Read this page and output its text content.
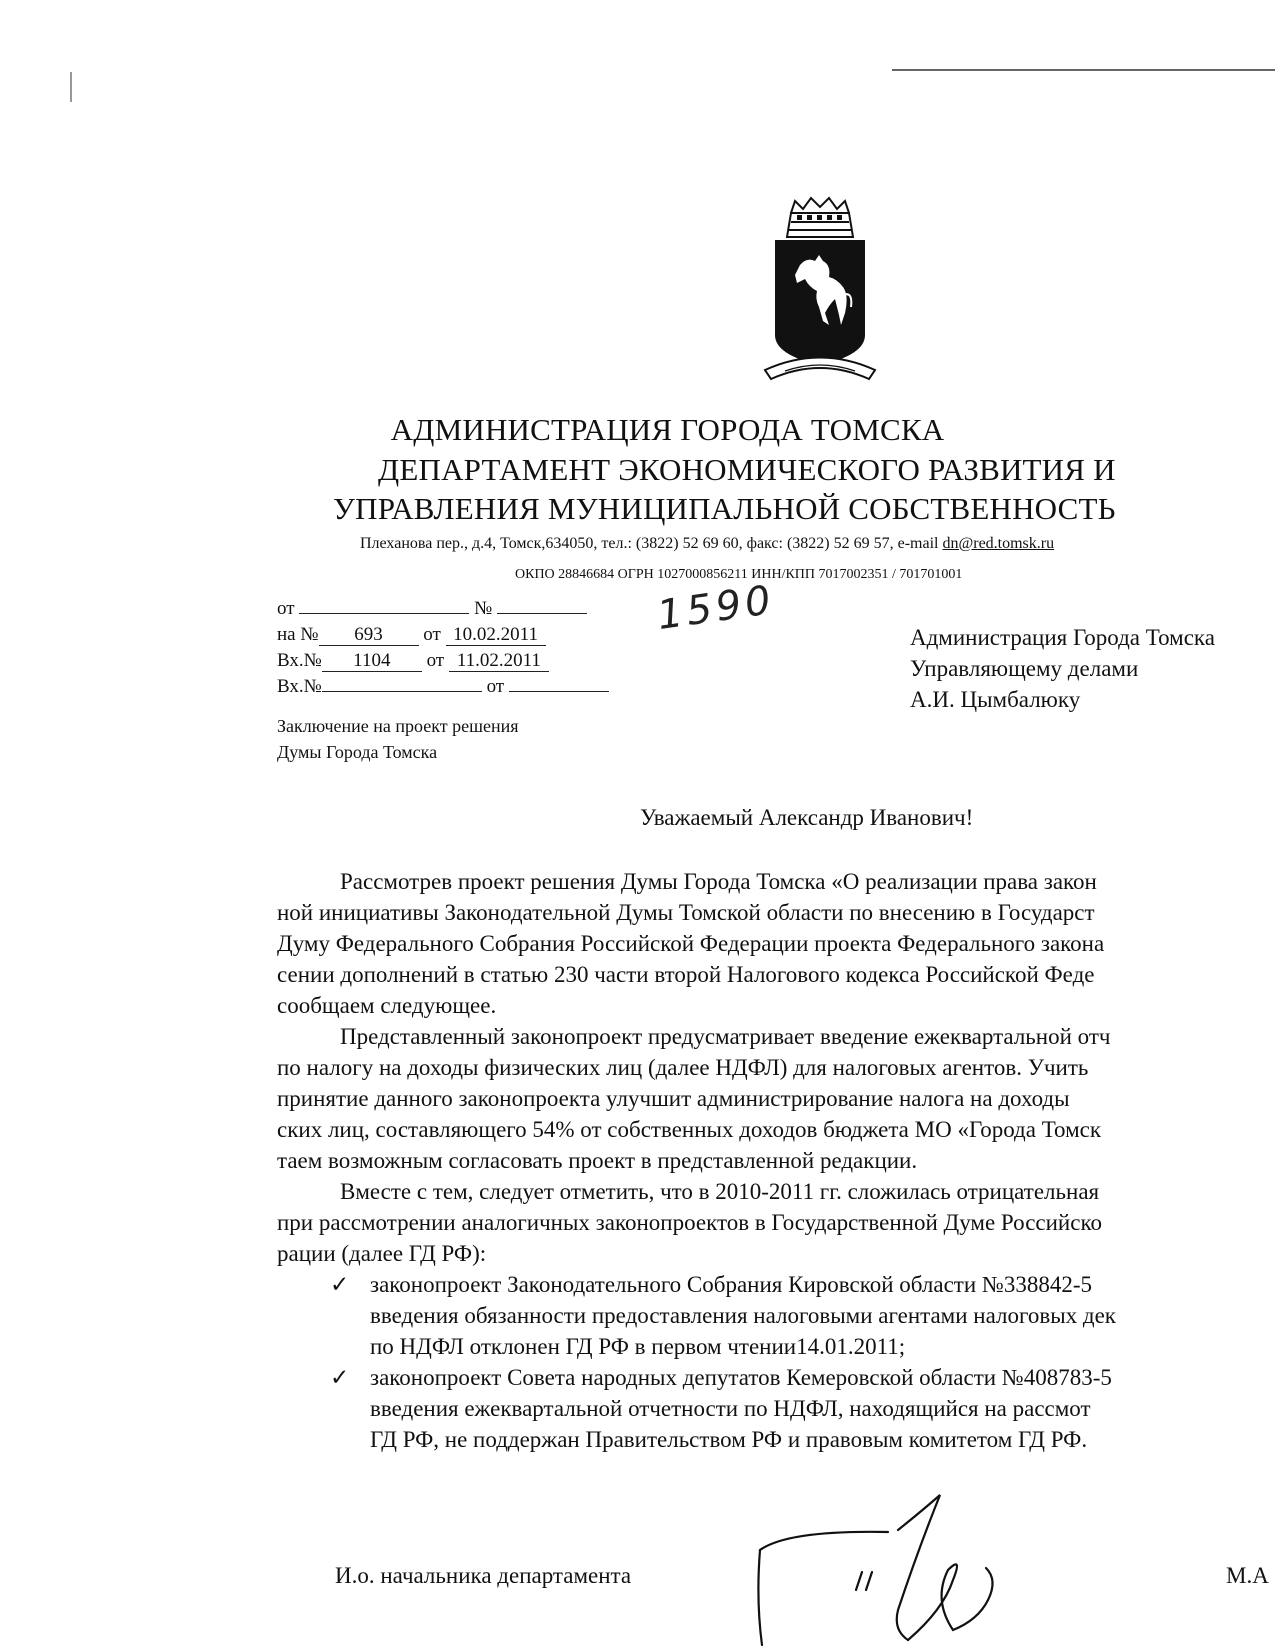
АДМИНИСТРАЦИЯ ГОРОДА ТОМСКА
ДЕПАРТАМЕНТ ЭКОНОМИЧЕСКОГО РАЗВИТИЯ И
УПРАВЛЕНИЯ МУНИЦИПАЛЬНОЙ СОБСТВЕННОСТЬ
Плеханова пер., д.4, Томск,634050, тел.: (3822) 52 69 60, факс: (3822) 52 69 57, e-mail dn@red.tomsk.ru
ОКПО 28846684 ОГРН 1027000856211 ИНН/КПП 7017002351 / 701701001
от	№	1590
на № 693 от 10.02.2011
Вх.№ 1104 от 11.02.2011
Вх.№	от
Администрация Города Томска
Управляющему делами
А.И. Цымбалюку
Заключение на проект решения
Думы Города Томска
Уважаемый Александр Иванович!

Рассмотрев проект решения Думы Города Томска «О реализации права закон

ной инициативы Законодательной Думы Томской области по внесению в Государст

Думу Федерального Собрания Российской Федерации проекта Федерального закона

сении дополнений в статью 230 части второй Налогового кодекса Российской Феде

сообщаем следующее.

Представленный законопроект предусматривает введение ежеквартальной отч

по налогу на доходы физических лиц (далее НДФЛ) для налоговых агентов. Учить

принятие данного законопроекта улучшит администрирование налога на доходы

ских лиц, составляющего 54% от собственных доходов бюджета МО «Города Томск

таем возможным согласовать проект в представленной редакции.

Вместе с тем, следует отметить, что в 2010-2011 гг. сложилась отрицательная

при рассмотрении аналогичных законопроектов в Государственной Думе Российско

рации (далее ГД РФ):

✓ законопроект Законодательного Собрания Кировской области №338842-5
введения обязанности предоставления налоговыми агентами налоговых дек
по НДФЛ отклонен ГД РФ в первом чтении14.01.2011;
✓ законопроект Совета народных депутатов Кемеровской области №408783-5
введения ежеквартальной отчетности по НДФЛ, находящийся на рассмот
ГД РФ, не поддержан Правительством РФ и правовым комитетом ГД РФ.
И.о. начальника департамента	М.А
